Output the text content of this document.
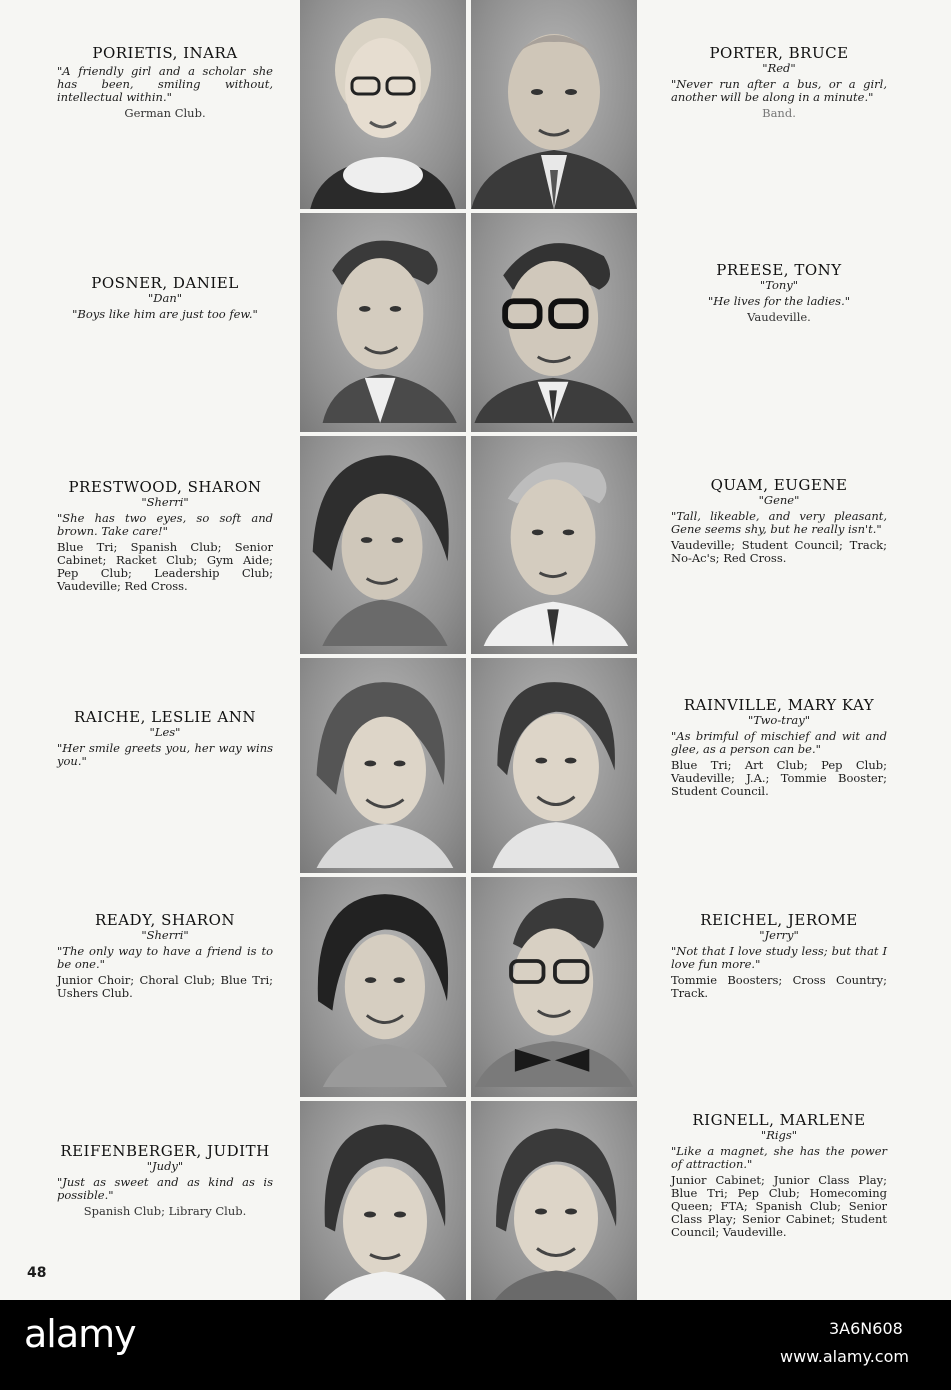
PORIETIS, INARA
"A friendly girl and a scholar she has been, smiling without, intellectual within."
German Club.
PORTER, BRUCE
"Red"
"Never run after a bus, or a girl, another will be along in a minute."
Band.
POSNER, DANIEL
"Dan"
"Boys like him are just too few."
PREESE, TONY
"Tony"
"He lives for the ladies."
Vaudeville.
PRESTWOOD, SHARON
"Sherri"
"She has two eyes, so soft and brown. Take care!"
Blue Tri; Spanish Club; Senior Cabinet; Racket Club; Gym Aide; Pep Club; Leadership Club; Vaudeville; Red Cross.
QUAM, EUGENE
"Gene"
"Tall, likeable, and very pleasant, Gene seems shy, but he really isn't."
Vaudeville; Student Council; Track; No-Ac's; Red Cross.
RAICHE, LESLIE ANN
"Les"
"Her smile greets you, her way wins you."
RAINVILLE, MARY KAY
"Two-tray"
"As brimful of mischief and wit and glee, as a person can be."
Blue Tri; Art Club; Pep Club; Vaudeville; J.A.; Tommie Booster; Student Council.
READY, SHARON
"Sherri"
"The only way to have a friend is to be one."
Junior Choir; Choral Club; Blue Tri; Ushers Club.
REICHEL, JEROME
"Jerry"
"Not that I love study less; but that I love fun more."
Tommie Boosters; Cross Country; Track.
REIFENBERGER, JUDITH
"Judy"
"Just as sweet and as kind as is possible."
Spanish Club; Library Club.
RIGNELL, MARLENE
"Rigs"
"Like a magnet, she has the power of attraction."
Junior Cabinet; Junior Class Play; Blue Tri; Pep Club; Homecoming Queen; FTA; Spanish Club; Senior Class Play; Senior Cabinet; Student Council; Vaudeville.
48
alamy	3A6N608
www.alamy.com
